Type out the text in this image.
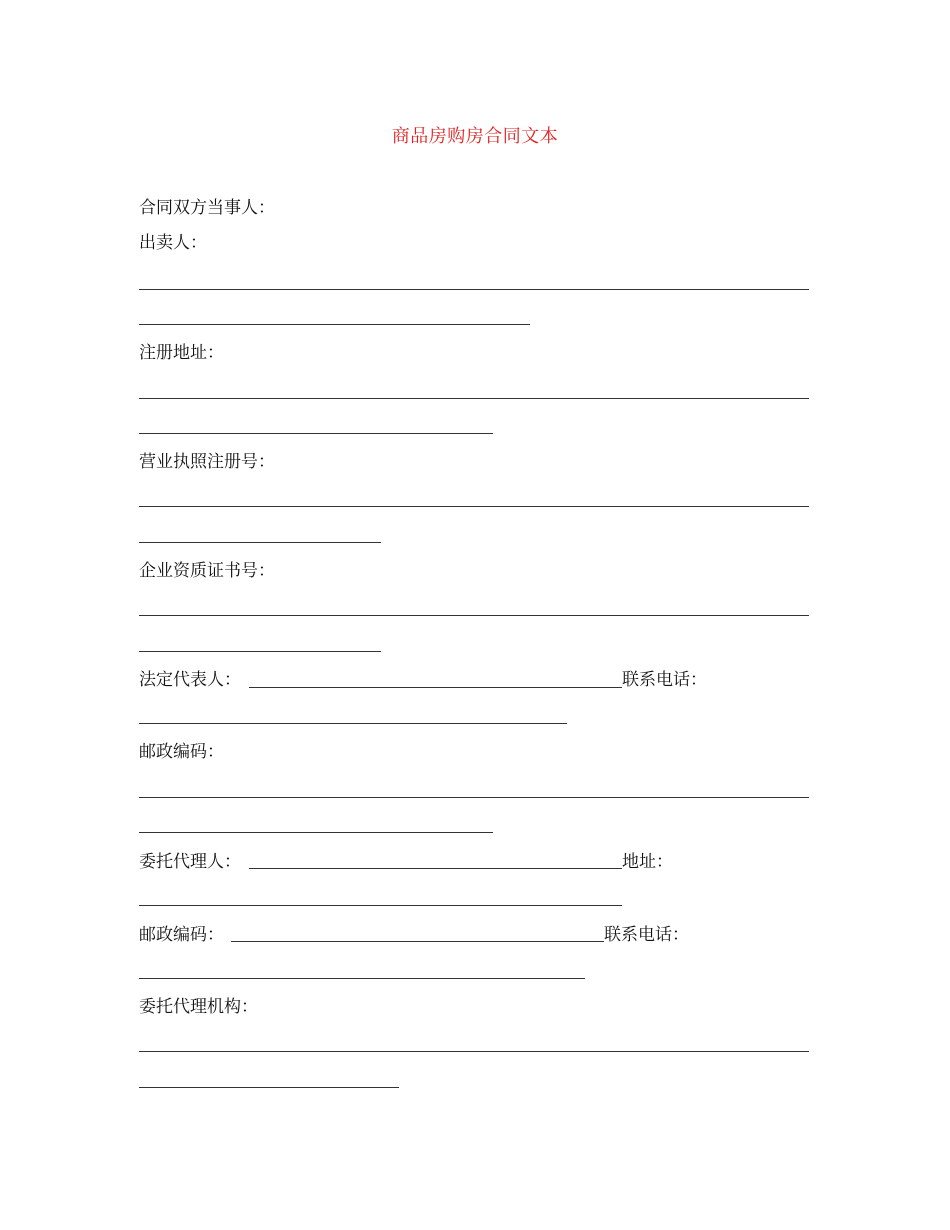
商品房购房合同文本
合同双方当事人：
出卖人：
注册地址：
营业执照注册号：
企业资质证书号：
法定代表人：	联系电话：
邮政编码：
委托代理人：	地址：
邮政编码：	联系电话：
委托代理机构：
